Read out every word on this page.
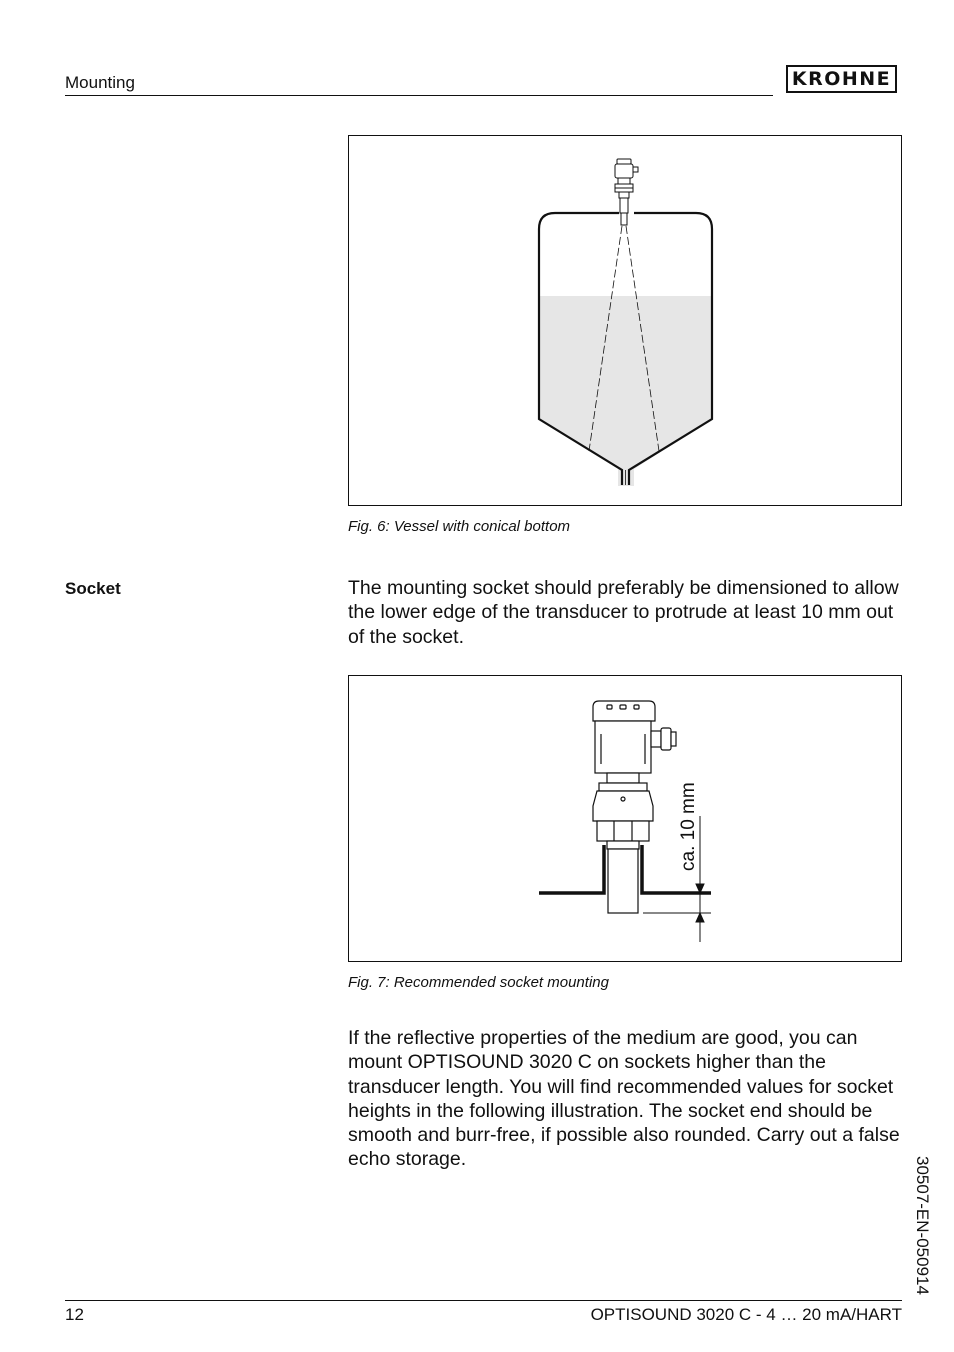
Mounting	KROHNE
Fig. 6: Vessel with conical bottom
Socket	The mounting socket should preferably be dimensioned to allow the lower edge of the transducer to protrude at least 10 mm out of the socket.
ca. 10 mm
Fig. 7: Recommended socket mounting
If the reflective properties of the medium are good, you can mount OPTISOUND 3020 C on sockets higher than the transducer length. You will find recommended values for socket heights in the following illustration. The socket end should be smooth and burr-free, if possible also rounded. Carry out a false echo storage.	30507-EN-050914
12	OPTISOUND 3020 C - 4 … 20 mA/HART
